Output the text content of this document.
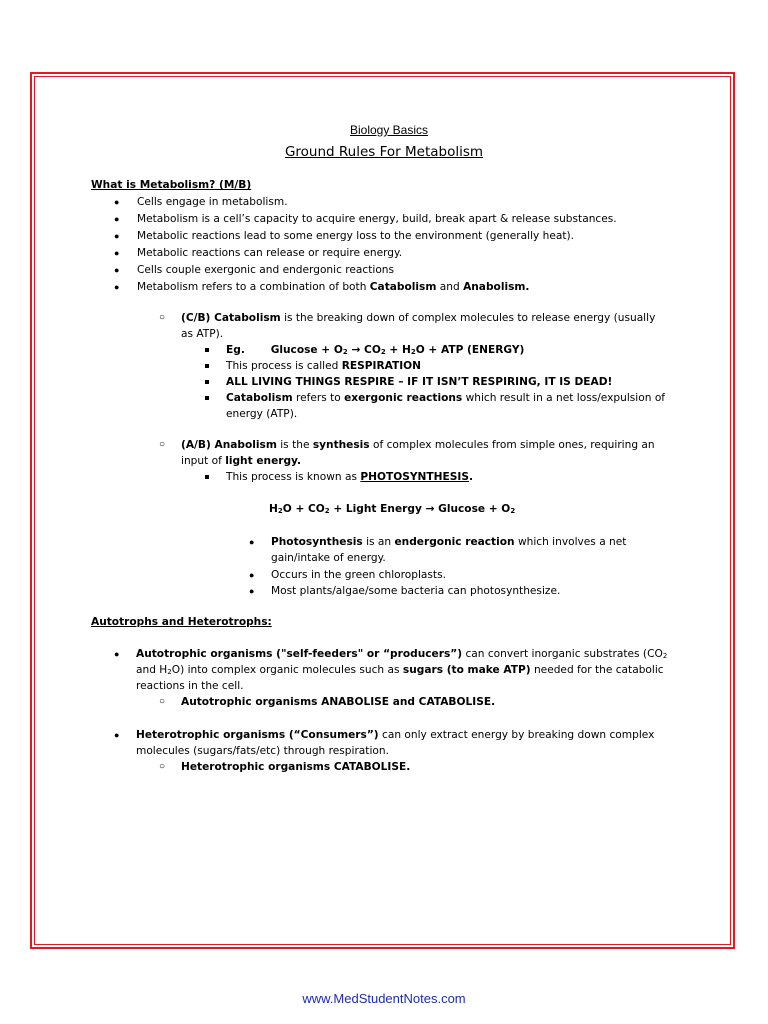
Biology Basics
Ground Rules For Metabolism
What is Metabolism? (M/B)
● Cells engage in metabolism.
● Metabolism is a cell’s capacity to acquire energy, build, break apart & release substances.
● Metabolic reactions lead to some energy loss to the environment (generally heat).
● Metabolic reactions can release or require energy.
● Cells couple exergonic and endergonic reactions
● Metabolism refers to a combination of both Catabolism and Anabolism.
○ (C/B) Catabolism is the breaking down of complex molecules to release energy (usually
as ATP).
Eg. $Glucose + O_2 \to CO_2 + H_2O$ + ATP (ENERGY)
This process is called RESPIRATION
ALL LIVING THINGS RESPIRE – IF IT ISN’T RESPIRING, IT IS DEAD!
Catabolism refers to exergonic reactions which result in a net loss/expulsion of
energy (ATP).
○ (A/B) Anabolism is the synthesis of complex molecules from simple ones, requiring an
input of light energy.
This process is known as PHOTOSYNTHESIS.
$H_2O + CO_2$ + Light Energy → $Glucose + O_2$
● Photosynthesis is an endergonic reaction which involves a net
gain/intake of energy.
● Occurs in the green chloroplasts.
● Most plants/algae/some bacteria can photosynthesize.
Autotrophs and Heterotrophs:
● Autotrophic organisms ("self-feeders" or “producers”) can convert inorganic substrates ($CO_2$
and $H_2O$) into complex organic molecules such as sugars (to make ATP) needed for the catabolic
reactions in the cell.
○ Autotrophic organisms ANABOLISE and CATABOLISE.
● Heterotrophic organisms (“Consumers”) can only extract energy by breaking down complex
molecules (sugars/fats/etc) through respiration.
○ Heterotrophic organisms CATABOLISE.
www.MedStudentNotes.com
